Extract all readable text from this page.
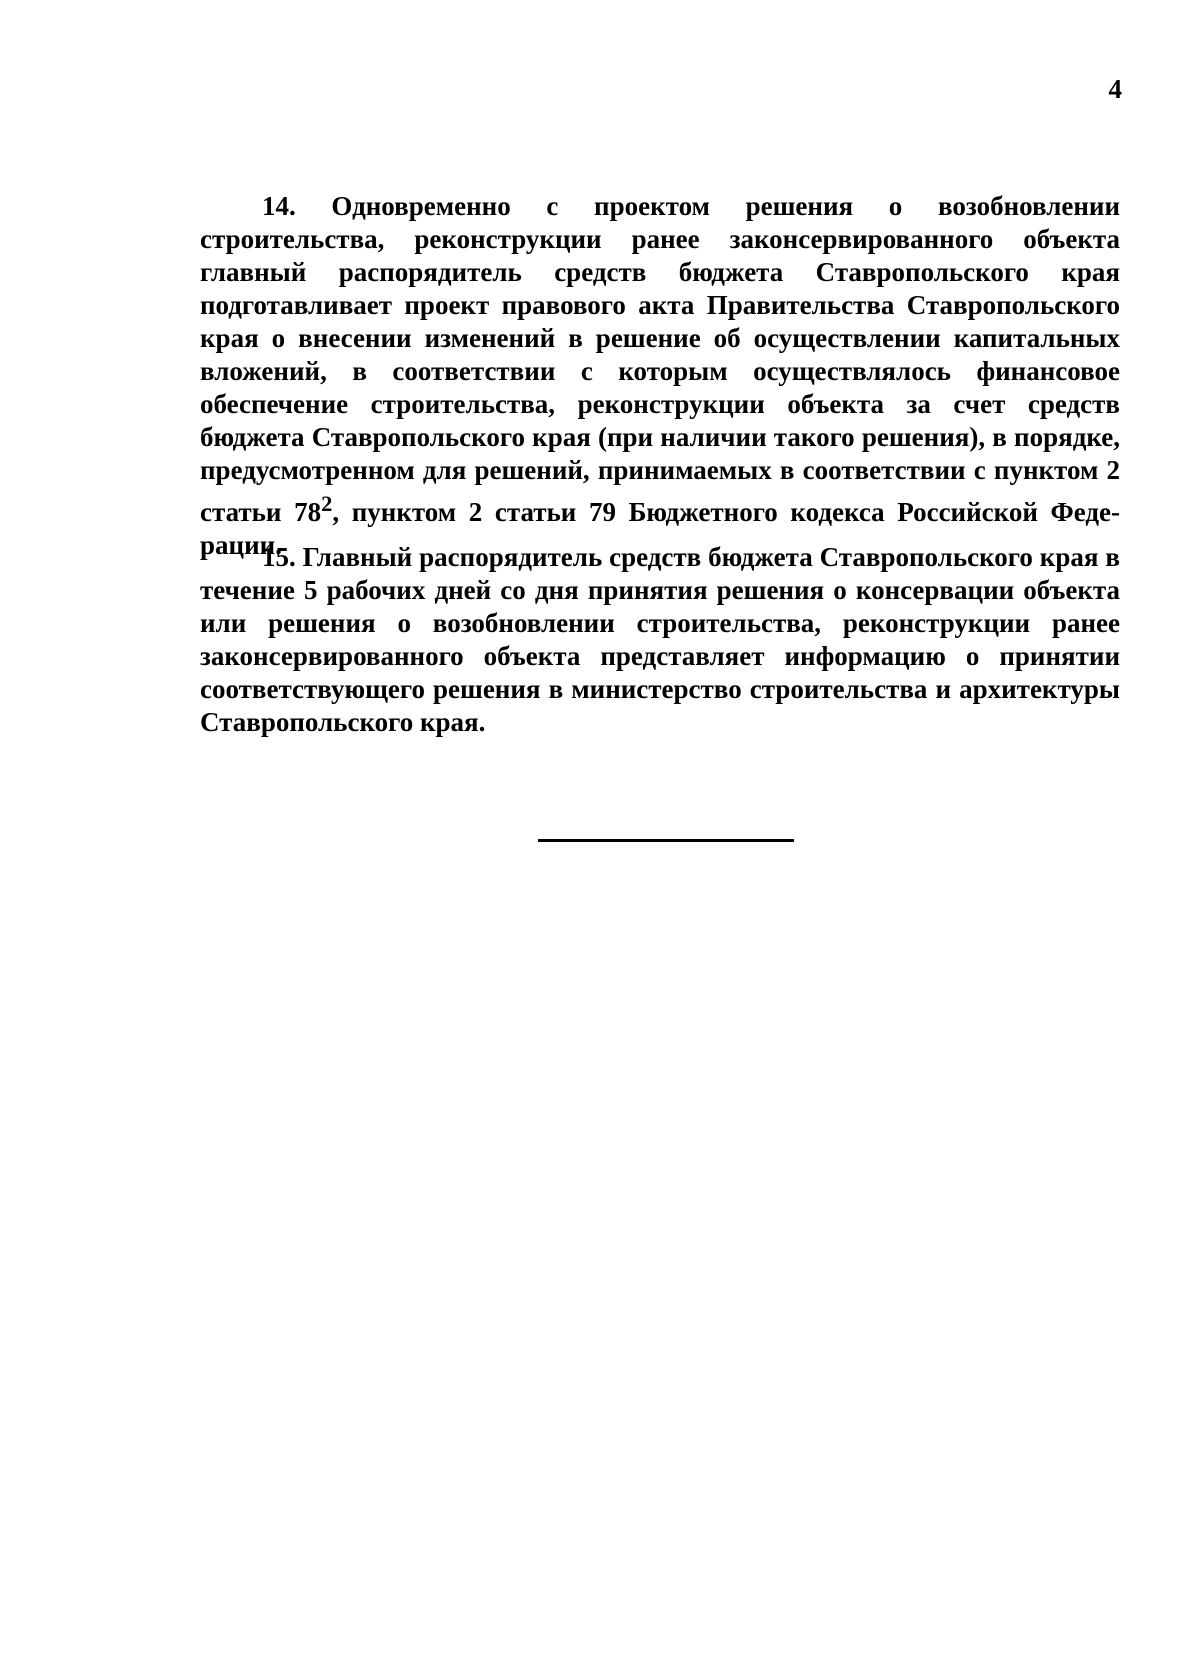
4

14. Одновременно с проектом решения о возобновлении строительства, реконструкции ранее законсервированного объекта главный распорядитель средств бюджета Ставропольского края подготавливает проект правового акта Правительства Ставропольского края о внесении изменений в решение об осуществлении капитальных вложений, в соответствии с которым осуществлялось финансовое обеспечение строительства, реконструкции объекта за счет средств бюджета Ставропольского края (при наличии такого решения), в порядке, предусмотренном для решений, принимаемых в соответствии с пунктом 2 статьи $78^2$, пунктом 2 статьи 79 Бюджетного кодекса Российской Федерации.

15. Главный распорядитель средств бюджета Ставропольского края в течение 5 рабочих дней со дня принятия решения о консервации объекта или решения о возобновлении строительства, реконструкции ранее законсервированного объекта представляет информацию о принятии соответствующего решения в министерство строительства и архитектуры Ставропольского края.
